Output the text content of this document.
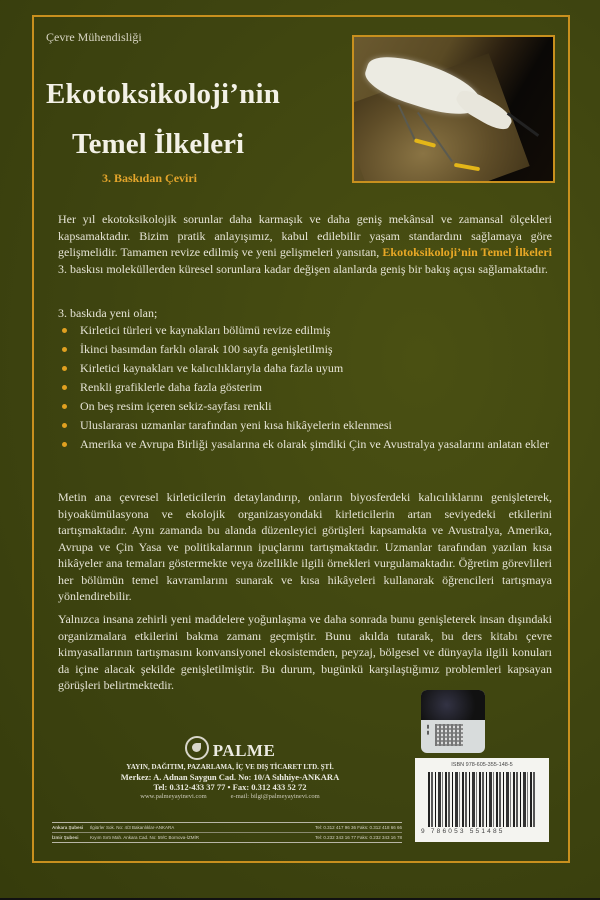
Çevre Mühendisliği
Ekotoksikoloji’nin
Temel İlkeleri
3. Baskıdan Çeviri
Her yıl ekotoksikolojik sorunlar daha karmaşık ve daha geniş mekânsal ve zamansal ölçekleri kapsamaktadır. Bizim pratik anlayışımız, kabul edilebilir yaşam standardını sağlamaya göre gelişmelidir. Tamamen revize edilmiş ve yeni gelişmeleri yansıtan, Ekotoksikoloji’nin Temel İlkeleri 3. baskısı moleküllerden küresel sorunlara kadar değişen alanlarda geniş bir bakış açısı sağlamaktadır.
3. baskıda yeni olan;
Kirletici türleri ve kaynakları bölümü revize edilmiş
İkinci basımdan farklı olarak 100 sayfa genişletilmiş
Kirletici kaynakları ve kalıcılıklarıyla daha fazla uyum
Renkli grafiklerle daha fazla gösterim
On beş resim içeren sekiz-sayfası renkli
Uluslararası uzmanlar tarafından yeni kısa hikâyelerin eklenmesi
Amerika ve Avrupa Birliği yasalarına ek olarak şimdiki Çin ve Avustralya yasalarını anlatan ekler
Metin ana çevresel kirleticilerin detaylandırıp, onların biyosferdeki kalıcılıklarını genişleterek, biyoakümülasyona ve ekolojik organizasyondaki kirleticilerin artan seviyedeki etkilerini tartışmaktadır. Aynı zamanda bu alanda düzenleyici görüşleri kapsamakta ve Avustralya, Amerika, Avrupa ve Çin Yasa ve politikalarının ipuçlarını tartışmaktadır. Uzmanlar tarafından yazılan kısa hikâyeler ana temaları göstermekte veya özellikle ilgili örnekleri vurgulamaktadır. Öğretim görevlileri her bölümün temel kavramlarını sunarak ve kısa hikâyeleri kullanarak öğrencileri tartışmaya yönlendirebilir.
Yalnızca insana zehirli yeni maddelere yoğunlaşma ve daha sonrada bunu genişleterek insan dışındaki organizmalara etkilerini bakma zamanı geçmiştir. Bunu akılda tutarak, bu ders kitabı çevre kimyasallarının tartışmasını konvansiyonel ekosistemden, peyzaj, bölgesel ve dünyayla ilgili konuları da içine alacak şekilde genişletilmiştir. Bu durum, bugünkü karşılaştığımız problemleri kapsayan görüşleri belirtmektedir.
PALME
YAYIN, DAĞITIM, PAZARLAMA, İÇ VE DIŞ TİCARET LTD. ŞTİ.
Merkez: A. Adnan Saygun Cad. No: 10/A Sıhhiye-ANKARA
Tel: 0.312-433 37 77 • Fax: 0.312 433 52 72
www.palmeyayinevi.com	e-mail: bilgi@palmeyayinevi.com
Ankara Şubesi	Ilgiürler Sok. No: 4/3 Bakanlıklar-ANKARA	Tel: 0.312 417 96 36 Faks: 0.312 418 66 66
İzmir Şubesi	Kıyım Sırtı Mah. Ankara Cad. No: 59/C Bornova-İZMİR	Tel: 0.232 343 16 77 Faks: 0.232 343 16 78
▮▮
ISBN 978-605-355-148-5
9 786053 551485
